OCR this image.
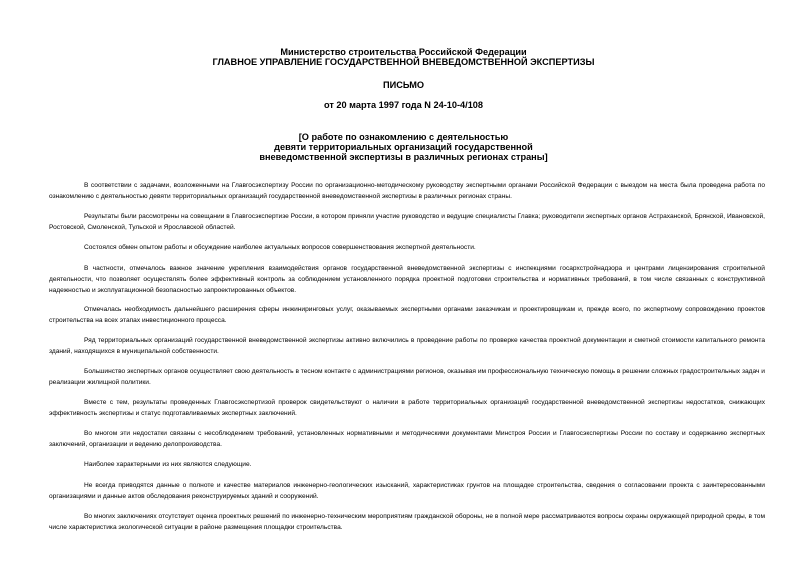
Министерство строительства Российской Федерации
ГЛАВНОЕ УПРАВЛЕНИЕ ГОСУДАРСТВЕННОЙ ВНЕВЕДОМСТВЕННОЙ ЭКСПЕРТИЗЫ
ПИСЬМО
от 20 марта 1997 года N 24-10-4/108
[О работе по ознакомлению с деятельностью
девяти территориальных организаций государственной
вневедомственной экспертизы в различных регионах страны]

В соответствии с задачами, возложенными на Главгосэкспертизу России по организационно-методическому руководству экспертными органами Российской Федерации с выездом на места была проведена работа по ознакомлению с деятельностью девяти территориальных организаций государственной вневедомственной экспертизы в различных регионах страны.

Результаты были рассмотрены на совещании в Главгосэкспертизе России, в котором приняли участие руководство и ведущие специалисты Главка; руководители экспертных органов Астраханской, Брянской, Ивановской, Ростовской, Смоленской, Тульской и Ярославской областей.

Состоялся обмен опытом работы и обсуждение наиболее актуальных вопросов совершенствования экспертной деятельности.

В частности, отмечалось важное значение укрепления взаимодействия органов государственной вневедомственной экспертизы с инспекциями госархстройнадзора и центрами лицензирования строительной деятельности, что позволяет осуществлять более эффективный контроль за соблюдением установленного порядка проектной подготовки строительства и нормативных требований, в том числе связанных с конструктивной надежностью и эксплуатационной безопасностью запроектированных объектов.

Отмечалась необходимость дальнейшего расширения сферы инжиниринговых услуг, оказываемых экспертными органами заказчикам и проектировщикам и, прежде всего, по экспертному сопровождению проектов строительства на всех этапах инвестиционного процесса.

Ряд территориальных организаций государственной вневедомственной экспертизы активно включились в проведение работы по проверке качества проектной документации и сметной стоимости капитального ремонта зданий, находящихся в муниципальной собственности.

Большинство экспертных органов осуществляет свою деятельность в тесном контакте с администрациями регионов, оказывая им профессиональную техническую помощь в решении сложных градостроительных задач и реализации жилищной политики.

Вместе с тем, результаты проведенных Главгосэкспертизой проверок свидетельствуют о наличии в работе территориальных организаций государственной вневедомственной экспертизы недостатков, снижающих эффективность экспертизы и статус подготавливаемых экспертных заключений.

Во многом эти недостатки связаны с несоблюдением требований, установленных нормативными и методическими документами Минстроя России и Главгосэкспертизы России по составу и содержанию экспертных заключений, организации и ведению делопроизводства.

Наиболее характерными из них являются следующие.

Не всегда приводятся данные о полноте и качестве материалов инженерно-геологических изысканий, характеристиках грунтов на площадке строительства, сведения о согласовании проекта с заинтересованными организациями и данные актов обследования реконструируемых зданий и сооружений.

Во многих заключениях отсутствует оценка проектных решений по инженерно-техническим мероприятиям гражданской обороны, не в полной мере рассматриваются вопросы охраны окружающей природной среды, в том числе характеристика экологической ситуации в районе размещения площадки строительства.
